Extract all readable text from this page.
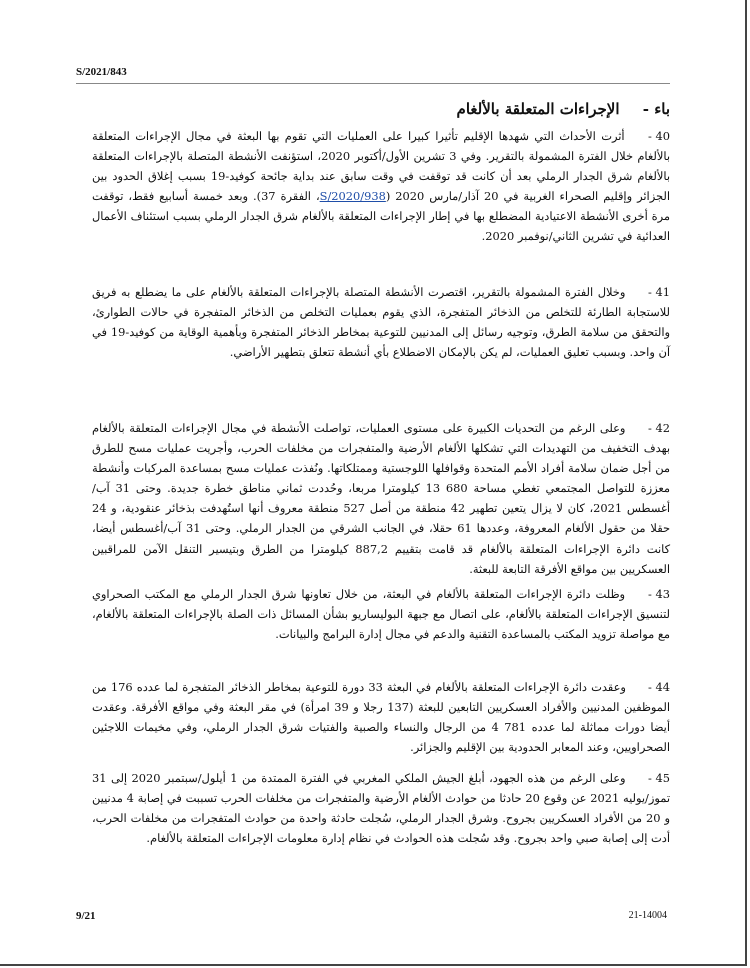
S/2021/843
باء - الإجراءات المتعلقة بالألغام
40 - أثرت الأحداث التي شهدها الإقليم تأثيرا كبيرا على العمليات التي تقوم بها البعثة في مجال الإجراءات المتعلقة بالألغام خلال الفترة المشمولة بالتقرير. وفي 3 تشرين الأول/أكتوبر 2020، استؤنفت الأنشطة المتصلة بالإجراءات المتعلقة بالألغام شرق الجدار الرملي بعد أن كانت قد توقفت في وقت سابق عند بداية جائحة كوفيد-19 بسبب إغلاق الحدود بين الجزائر وإقليم الصحراء الغربية في 20 آذار/مارس 2020 (S/2020/938، الفقرة 37). وبعد خمسة أسابيع فقط، توقفت مرة أخرى الأنشطة الاعتيادية المضطلع بها في إطار الإجراءات المتعلقة بالألغام شرق الجدار الرملي بسبب استئناف الأعمال العدائية في تشرين الثاني/نوفمبر 2020.
41 - وخلال الفترة المشمولة بالتقرير، اقتصرت الأنشطة المتصلة بالإجراءات المتعلقة بالألغام على ما يضطلع به فريق للاستجابة الطارئة للتخلص من الذخائر المتفجرة، الذي يقوم بعمليات التخلص من الذخائر المتفجرة في حالات الطوارئ، والتحقق من سلامة الطرق، وتوجيه رسائل إلى المدنيين للتوعية بمخاطر الذخائر المتفجرة وبأهمية الوقاية من كوفيد-19 في آن واحد. وبسبب تعليق العمليات، لم يكن بالإمكان الاضطلاع بأي أنشطة تتعلق بتطهير الأراضي.
42 - وعلى الرغم من التحديات الكبيرة على مستوى العمليات، تواصلت الأنشطة في مجال الإجراءات المتعلقة بالألغام بهدف التخفيف من التهديدات التي تشكلها الألغام الأرضية والمتفجرات من مخلفات الحرب، وأجريت عمليات مسح للطرق من أجل ضمان سلامة أفراد الأمم المتحدة وقوافلها اللوجستية وممتلكاتها. ونُفذت عمليات مسح بمساعدة المركبات وأنشطة معززة للتواصل المجتمعي تغطي مساحة 680 13 كيلومترا مربعا، وحُددت ثماني مناطق خطرة جديدة. وحتى 31 آب/أغسطس 2021، كان لا يزال يتعين تطهير 42 منطقة من أصل 527 منطقة معروف أنها استُهدفت بذخائر عنقودية، و 24 حقلا من حقول الألغام المعروفة، وعددها 61 حقلا، في الجانب الشرقي من الجدار الرملي. وحتى 31 آب/أغسطس أيضا، كانت دائرة الإجراءات المتعلقة بالألغام قد قامت بتقييم 887,2 كيلومترا من الطرق وبتيسير التنقل الآمن للمراقبين العسكريين بين مواقع الأفرقة التابعة للبعثة.
43 - وظلت دائرة الإجراءات المتعلقة بالألغام في البعثة، من خلال تعاونها شرق الجدار الرملي مع المكتب الصحراوي لتنسيق الإجراءات المتعلقة بالألغام، على اتصال مع جبهة البوليساريو بشأن المسائل ذات الصلة بالإجراءات المتعلقة بالألغام، مع مواصلة تزويد المكتب بالمساعدة التقنية والدعم في مجال إدارة البرامج والبيانات.
44 - وعقدت دائرة الإجراءات المتعلقة بالألغام في البعثة 33 دورة للتوعية بمخاطر الذخائر المتفجرة لما عدده 176 من الموظفين المدنيين والأفراد العسكريين التابعين للبعثة (137 رجلا و 39 امرأة) في مقر البعثة وفي مواقع الأفرقة. وعقدت أيضا دورات مماثلة لما عدده 781 4 من الرجال والنساء والصبية والفتيات شرق الجدار الرملي، وفي مخيمات اللاجئين الصحراويين، وعند المعابر الحدودية بين الإقليم والجزائر.
45 - وعلى الرغم من هذه الجهود، أبلغ الجيش الملكي المغربي في الفترة الممتدة من 1 أيلول/سبتمبر 2020 إلى 31 تموز/يوليه 2021 عن وقوع 20 حادثا من حوادث الألغام الأرضية والمتفجرات من مخلفات الحرب تسببت في إصابة 4 مدنيين و 20 من الأفراد العسكريين بجروح. وشرق الجدار الرملي، سُجلت حادثة واحدة من حوادث المتفجرات من مخلفات الحرب، أدت إلى إصابة صبي واحد بجروح. وقد سُجلت هذه الحوادث في نظام إدارة معلومات الإجراءات المتعلقة بالألغام.
9/21	21-14004
